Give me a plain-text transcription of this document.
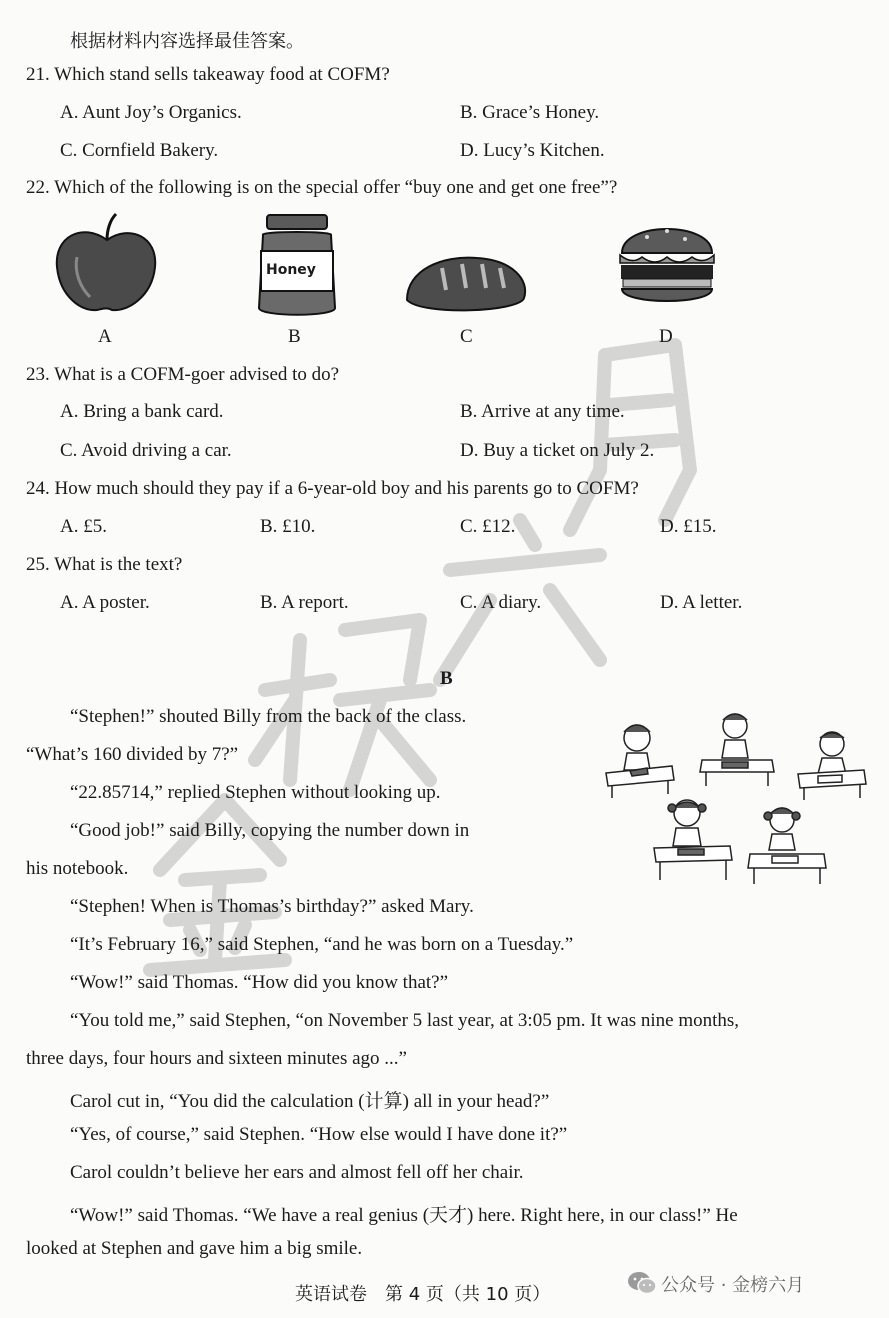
根据材料内容选择最佳答案。
21. Which stand sells takeaway food at COFM?
A. Aunt Joy’s Organics.	B. Grace’s Honey.
C. Cornfield Bakery.	D. Lucy’s Kitchen.
22. Which of the following is on the special offer “buy one and get one free”?
A
Honey
B	C	D
23. What is a COFM-goer advised to do?
A. Bring a bank card.	B. Arrive at any time.
C. Avoid driving a car.	D. Buy a ticket on July 2.
24. How much should they pay if a 6-year-old boy and his parents go to COFM?
A. £5.	B. £10.	C. £12.	D. £15.
25. What is the text?
A. A poster.	B. A report.	C. A diary.	D. A letter.
B
“Stephen!” shouted Billy from the back of the class.
“What’s 160 divided by 7?”
“22.85714,” replied Stephen without looking up.
“Good job!” said Billy, copying the number down in
his notebook.
“Stephen! When is Thomas’s birthday?” asked Mary.
“It’s February 16,” said Stephen, “and he was born on a Tuesday.”
“Wow!” said Thomas. “How did you know that?”
“You told me,” said Stephen, “on November 5 last year, at 3:05 pm. It was nine months,
three days, four hours and sixteen minutes ago ...”
Carol cut in, “You did the calculation (计算) all in your head?”
“Yes, of course,” said Stephen. “How else would I have done it?”
Carol couldn’t believe her ears and almost fell off her chair.
“Wow!” said Thomas. “We have a real genius (天才) here. Right here, in our class!” He
looked at Stephen and gave him a big smile.
英语试卷　第 4 页（共 10 页）	公众号 · 金榜六月
